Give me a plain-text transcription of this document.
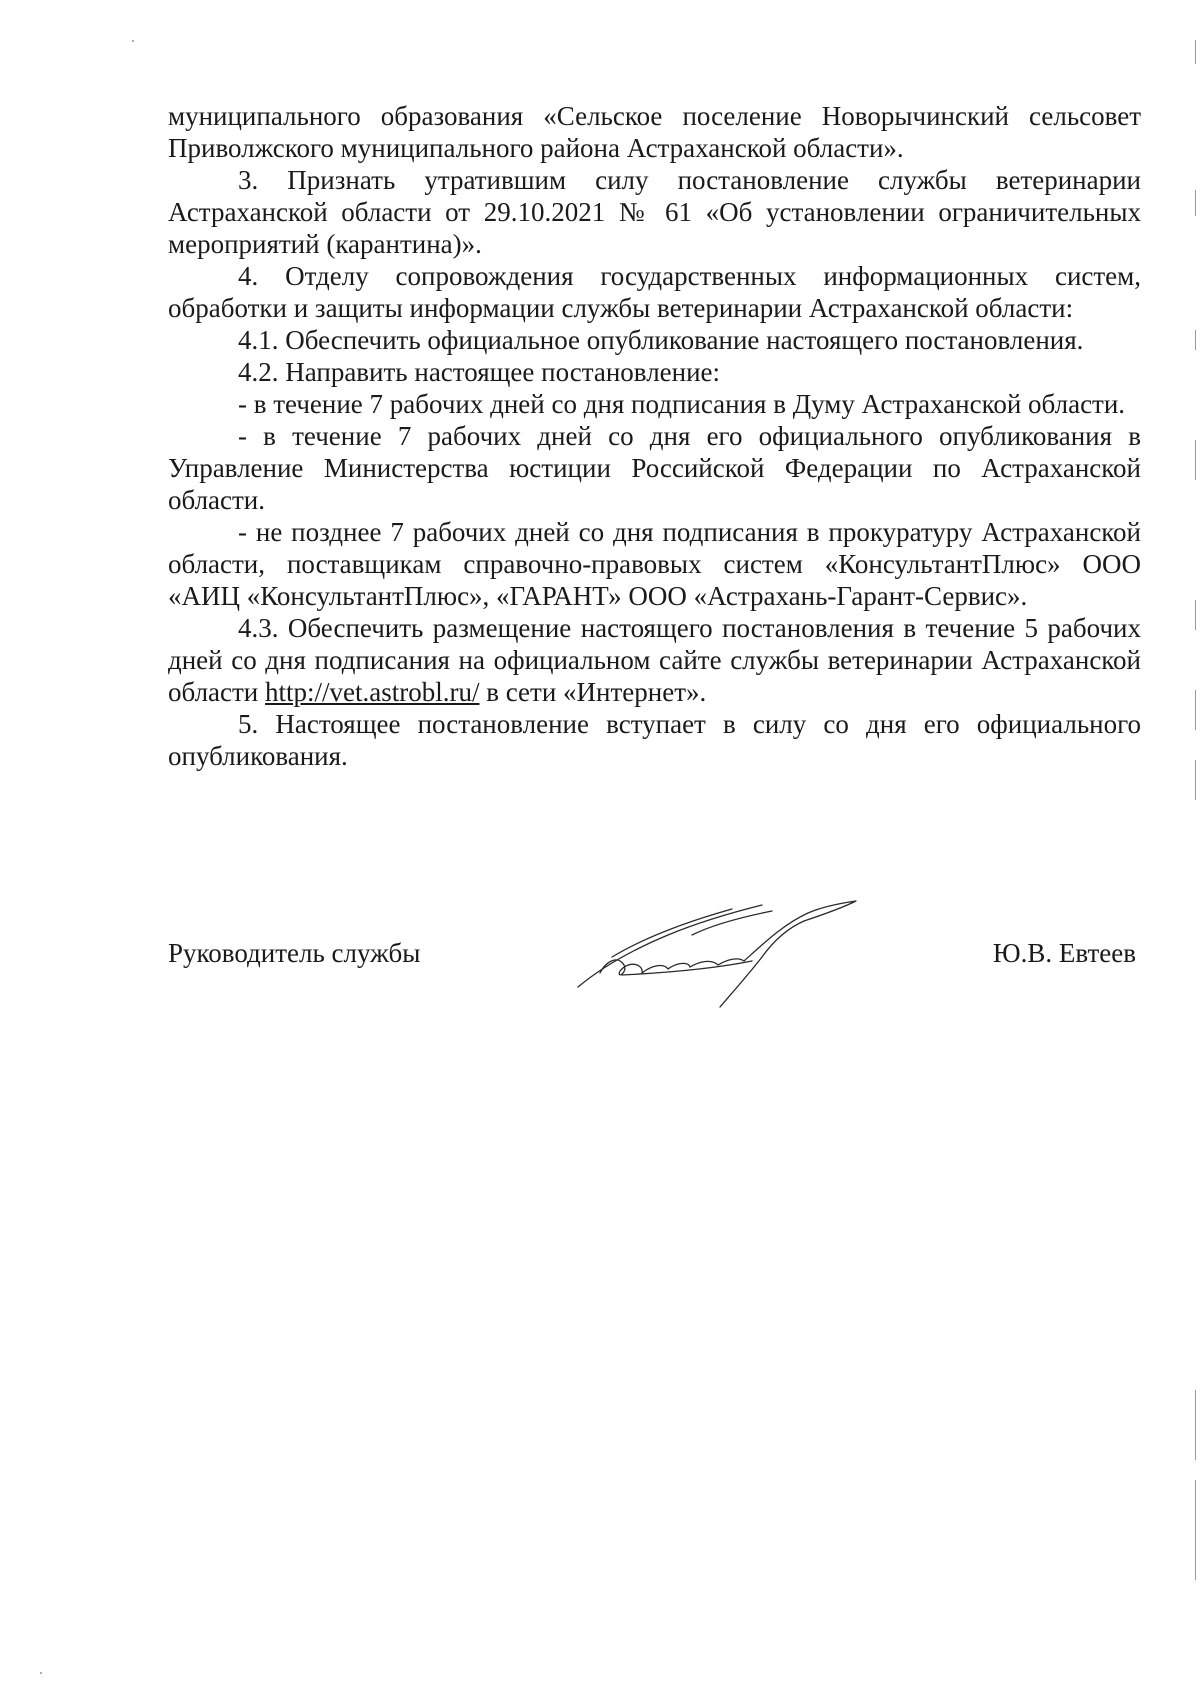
муниципального образования «Сельское поселение Новорычинский сельсовет Приволжского муниципального района Астраханской области».

3. Признать утратившим силу постановление службы ветеринарии Астраханской области от 29.10.2021 № 61 «Об установлении ограничительных мероприятий (карантина)».

4. Отделу сопровождения государственных информационных систем, обработки и защиты информации службы ветеринарии Астраханской области:

4.1. Обеспечить официальное опубликование настоящего постановления.

4.2. Направить настоящее постановление:

- в течение 7 рабочих дней со дня подписания в Думу Астраханской области.

- в течение 7 рабочих дней со дня его официального опубликования в Управление Министерства юстиции Российской Федерации по Астраханской области.

- не позднее 7 рабочих дней со дня подписания в прокуратуру Астраханской области, поставщикам справочно-правовых систем «КонсультантПлюс» ООО «АИЦ «КонсультантПлюс», «ГАРАНТ» ООО «Астрахань-Гарант-Сервис».

4.3. Обеспечить размещение настоящего постановления в течение 5 рабочих дней со дня подписания на официальном сайте службы ветеринарии Астраханской области http://vet.astrobl.ru/ в сети «Интернет».

5. Настоящее постановление вступает в силу со дня его официального опубликования.

Руководитель службы	Ю.В. Евтеев
